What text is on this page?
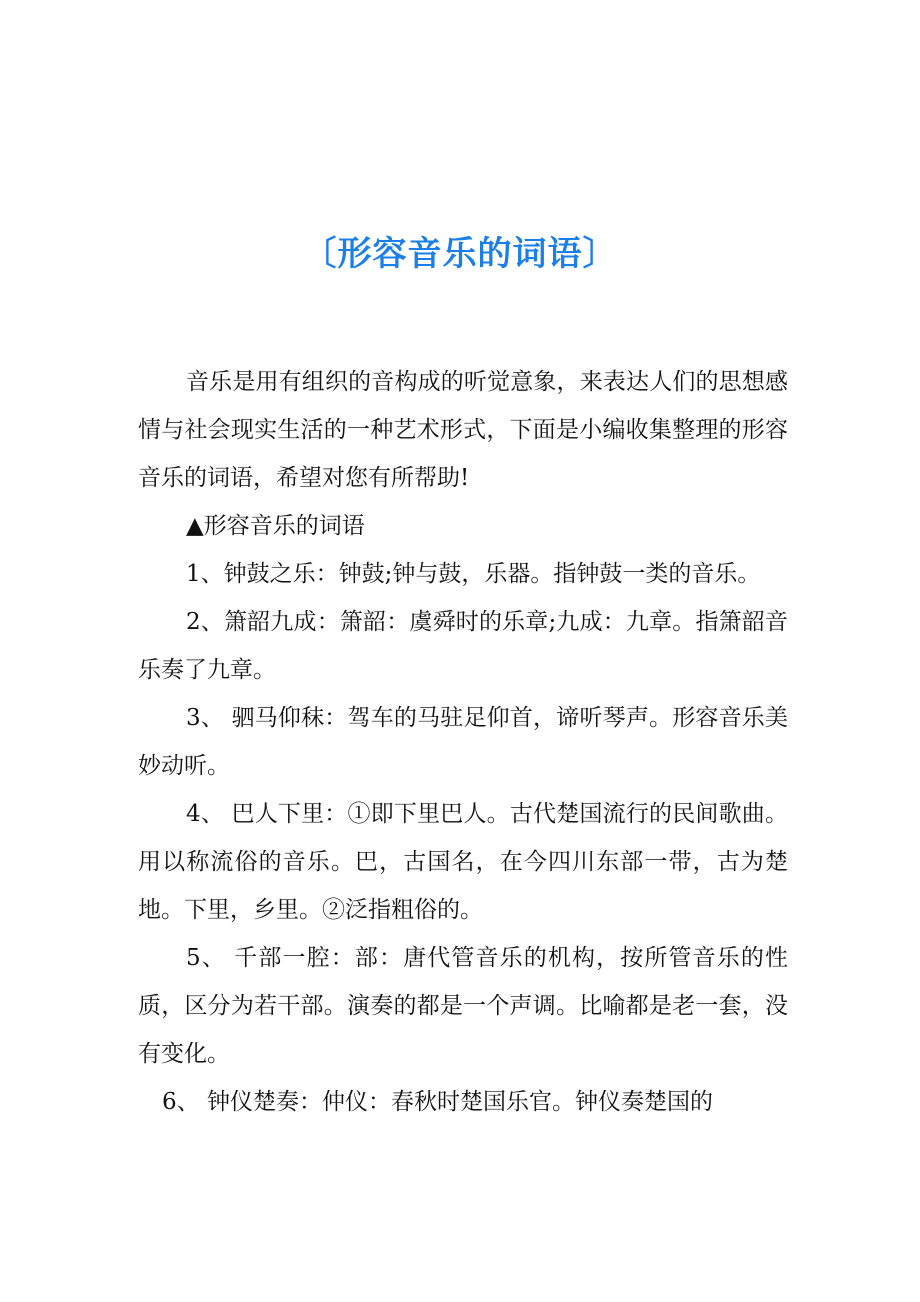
〔形容音乐的词语〕

音乐是用有组织的音构成的听觉意象，来表达人们的思想感情与社会现实生活的一种艺术形式，下面是小编收集整理的形容音乐的词语，希望对您有所帮助!

▲形容音乐的词语

1、钟鼓之乐：钟鼓;钟与鼓，乐器。指钟鼓一类的音乐。

2、箫韶九成：箫韶：虞舜时的乐章;九成：九章。指箫韶音乐奏了九章。

3、 驷马仰秣：驾车的马驻足仰首，谛听琴声。形容音乐美妙动听。

4、 巴人下里：①即下里巴人。古代楚国流行的民间歌曲。用以称流俗的音乐。巴，古国名，在今四川东部一带，古为楚地。下里，乡里。②泛指粗俗的。

5、 千部一腔：部：唐代管音乐的机构，按所管音乐的性质，区分为若干部。演奏的都是一个声调。比喻都是老一套，没有变化。

6、 钟仪楚奏：仲仪：春秋时楚国乐官。钟仪奏楚国的
